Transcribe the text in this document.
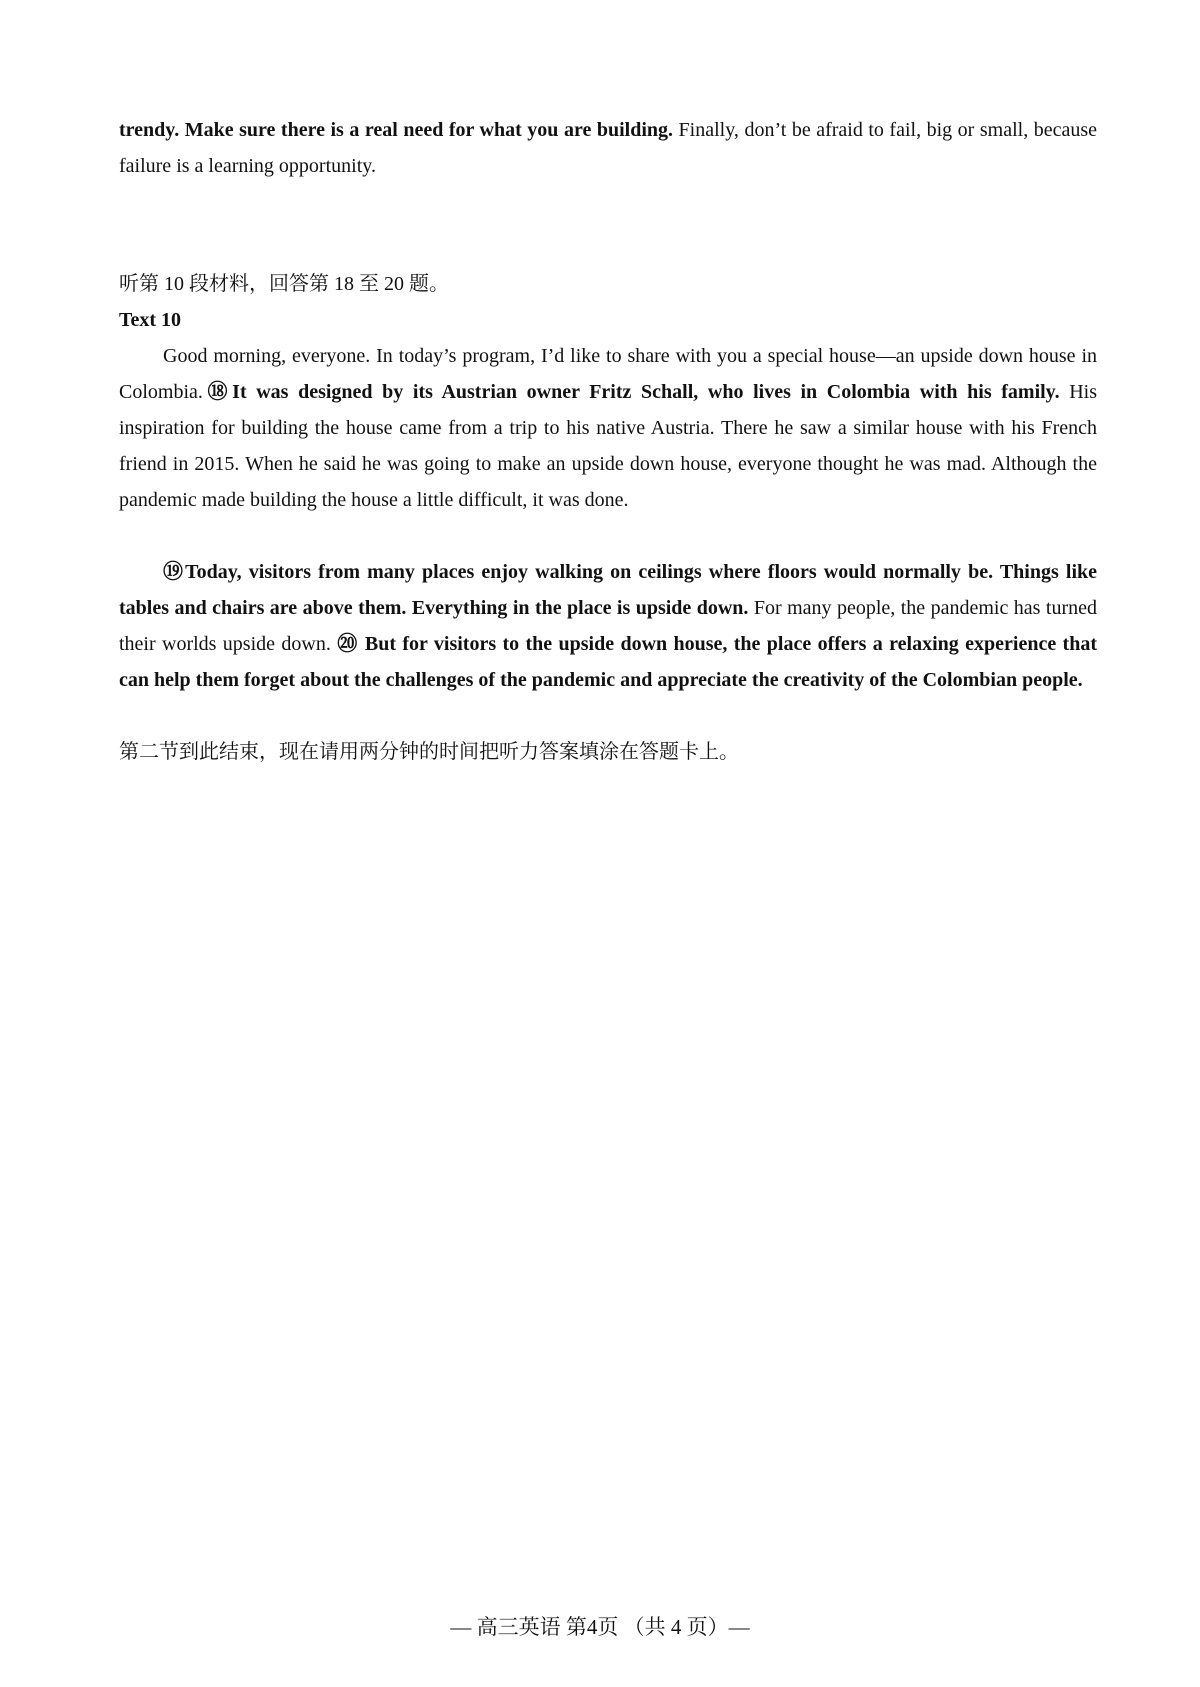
trendy. Make sure there is a real need for what you are building. Finally, don’t be afraid to fail, big or small, because failure is a learning opportunity.

听第 10 段材料，回答第 18 至 20 题。

Text 10

Good morning, everyone. In today’s program, I’d like to share with you a special house—an upside down house in Colombia.⑱It was designed by its Austrian owner Fritz Schall, who lives in Colombia with his family. His inspiration for building the house came from a trip to his native Austria. There he saw a similar house with his French friend in 2015. When he said he was going to make an upside down house, everyone thought he was mad. Although the pandemic made building the house a little difficult, it was done.

⑲Today, visitors from many places enjoy walking on ceilings where floors would normally be. Things like tables and chairs are above them. Everything in the place is upside down. For many people, the pandemic has turned their worlds upside down. ⑳ But for visitors to the upside down house, the place offers a relaxing experience that can help them forget about the challenges of the pandemic and appreciate the creativity of the Colombian people.

第二节到此结束，现在请用两分钟的时间把听力答案填涂在答题卡上。

— 高三英语 第4页 （共 4 页）—
